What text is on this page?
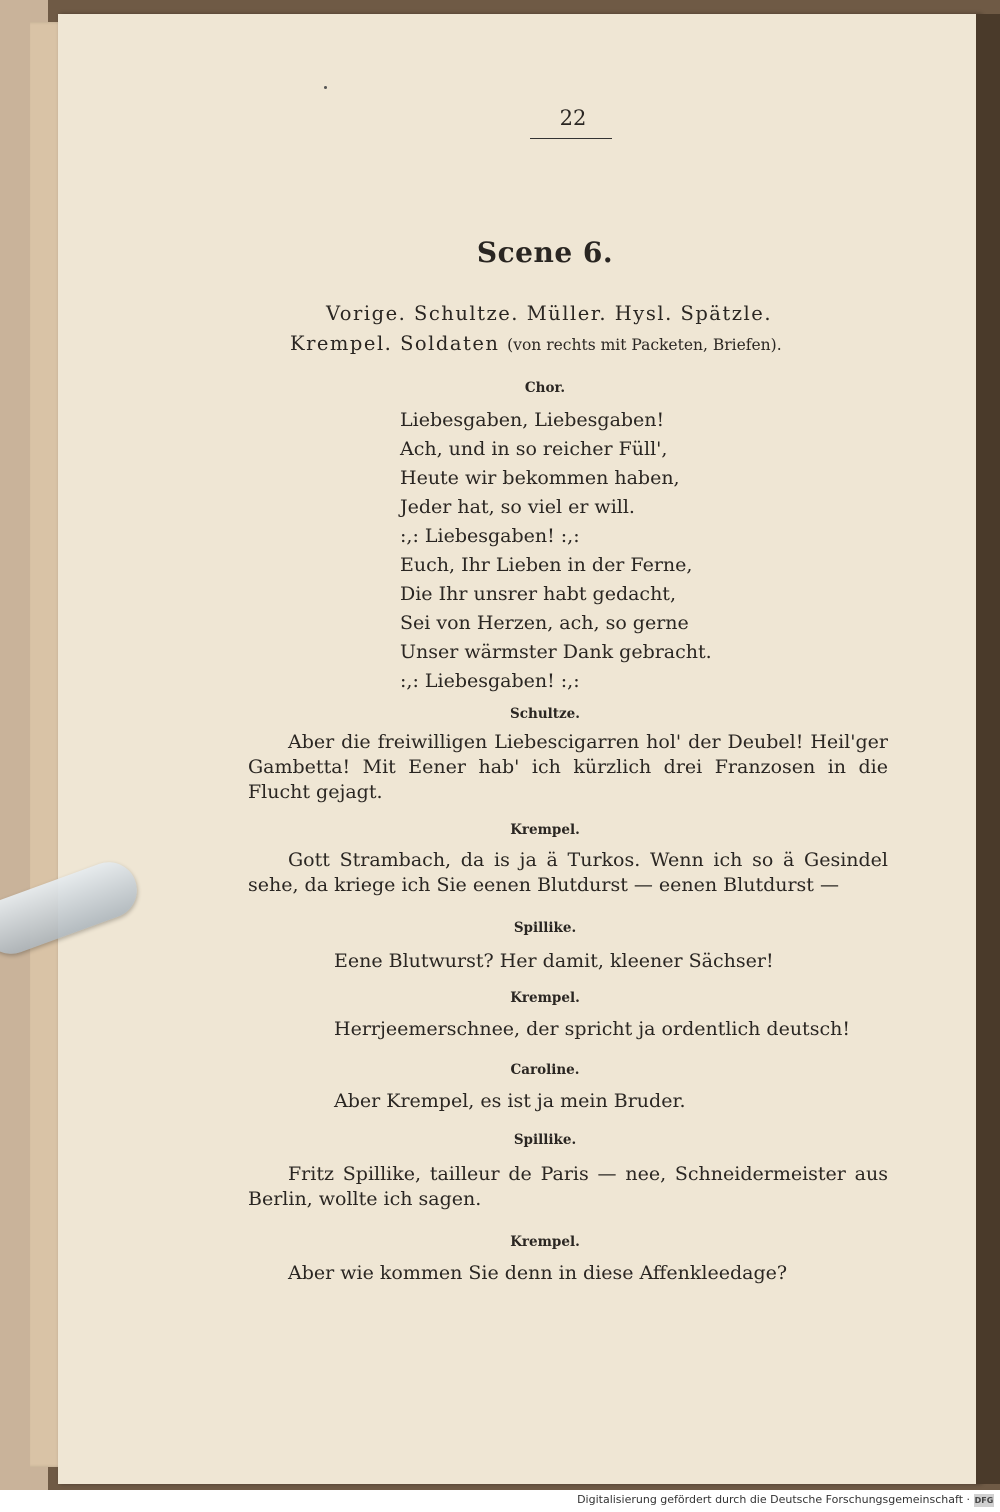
22
Scene 6.
Vorige. Schultze. Müller. Hysl. Spätzle.
Krempel. Soldaten (von rechts mit Packeten, Briefen).
Chor.
Liebesgaben, Liebesgaben!
Ach, und in so reicher Füll',
Heute wir bekommen haben,
Jeder hat, so viel er will.
:,: Liebesgaben! :,:
Euch, Ihr Lieben in der Ferne,
Die Ihr unsrer habt gedacht,
Sei von Herzen, ach, so gerne
Unser wärmster Dank gebracht.
:,: Liebesgaben! :,:
Schultze.
Aber die freiwilligen Liebescigarren hol' der Deubel! Heil'ger Gambetta! Mit Eener hab' ich kürzlich drei Franzosen in die Flucht gejagt.
Krempel.
Gott Strambach, da is ja ä Turkos. Wenn ich so ä Gesindel sehe, da kriege ich Sie eenen Blutdurst — eenen Blutdurst —
Spillike.
Eene Blutwurst? Her damit, kleener Sächser!
Krempel.
Herrjeemerschnee, der spricht ja ordentlich deutsch!
Caroline.
Aber Krempel, es ist ja mein Bruder.
Spillike.
Fritz Spillike, tailleur de Paris — nee, Schneidermeister aus Berlin, wollte ich sagen.
Krempel.
Aber wie kommen Sie denn in diese Affenkleedage?
Digitalisierung gefördert durch die Deutsche Forschungsgemeinschaft · DFG
